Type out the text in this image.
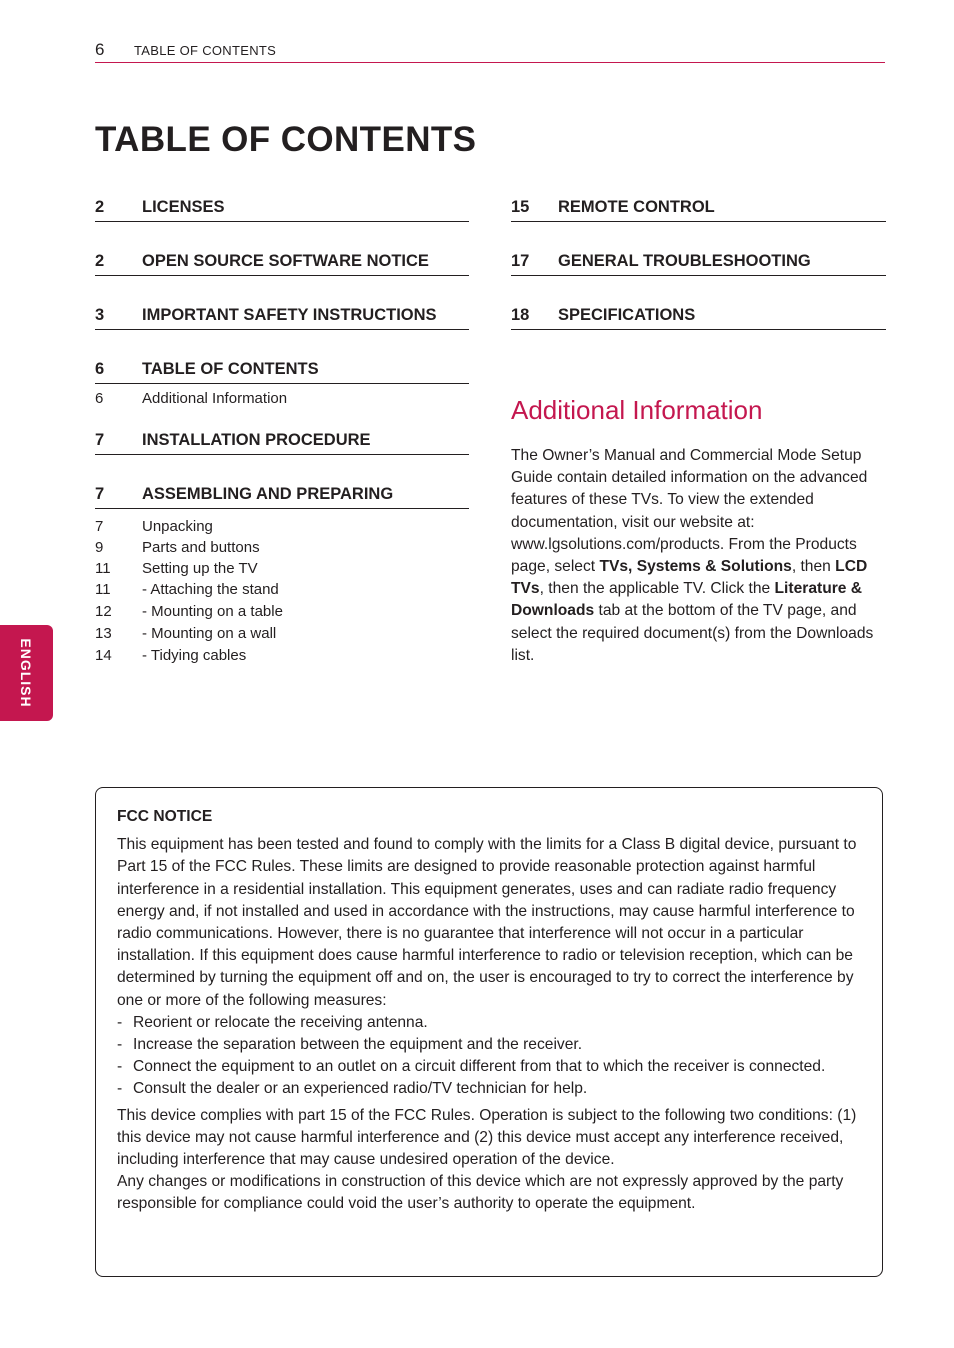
6 TABLE OF CONTENTS
TABLE OF CONTENTS
2 LICENSES
2 OPEN SOURCE SOFTWARE NOTICE
3 IMPORTANT SAFETY INSTRUCTIONS
6 TABLE OF CONTENTS
6	Additional Information
7 INSTALLATION PROCEDURE
7 ASSEMBLING AND PREPARING
7	Unpacking
9	Parts and buttons
11 Setting up the TV
11 - Attaching the stand
12 - Mounting on a table
13 - Mounting on a wall
14 - Tidying cables
15 REMOTE CONTROL
17 GENERAL TROUBLESHOOTING
18 SPECIFICATIONS
Additional Information

The Owner’s Manual and Commercial Mode Setup Guide contain detailed information on the advanced features of these TVs. To view the extended documentation, visit our website at: www.lgsolutions.com/products. From the Products page, select TVs, Systems & Solutions, then LCD TVs, then the applicable TV. Click the Literature & Downloads tab at the bottom of the TV page, and select the required document(s) from the Downloads list.

ENGLISH

FCC NOTICE

This equipment has been tested and found to comply with the limits for a Class B digital device, pursuant to Part 15 of the FCC Rules. These limits are designed to provide reasonable protection against harmful interference in a residential installation. This equipment generates, uses and can radiate radio frequency energy and, if not installed and used in accordance with the instructions, may cause harmful interference to radio communications. However, there is no guarantee that interference will not occur in a particular installation. If this equipment does cause harmful interference to radio or television reception, which can be determined by turning the equipment off and on, the user is encouraged to try to correct the interference by one or more of the following measures:

- Reorient or relocate the receiving antenna.
- Increase the separation between the equipment and the receiver.
- Connect the equipment to an outlet on a circuit different from that to which the receiver is connected.
- Consult the dealer or an experienced radio/TV technician for help.

This device complies with part 15 of the FCC Rules. Operation is subject to the following two conditions: (1) this device may not cause harmful interference and (2) this device must accept any interference received, including interference that may cause undesired operation of the device.

Any changes or modifications in construction of this device which are not expressly approved by the party responsible for compliance could void the user’s authority to operate the equipment.
